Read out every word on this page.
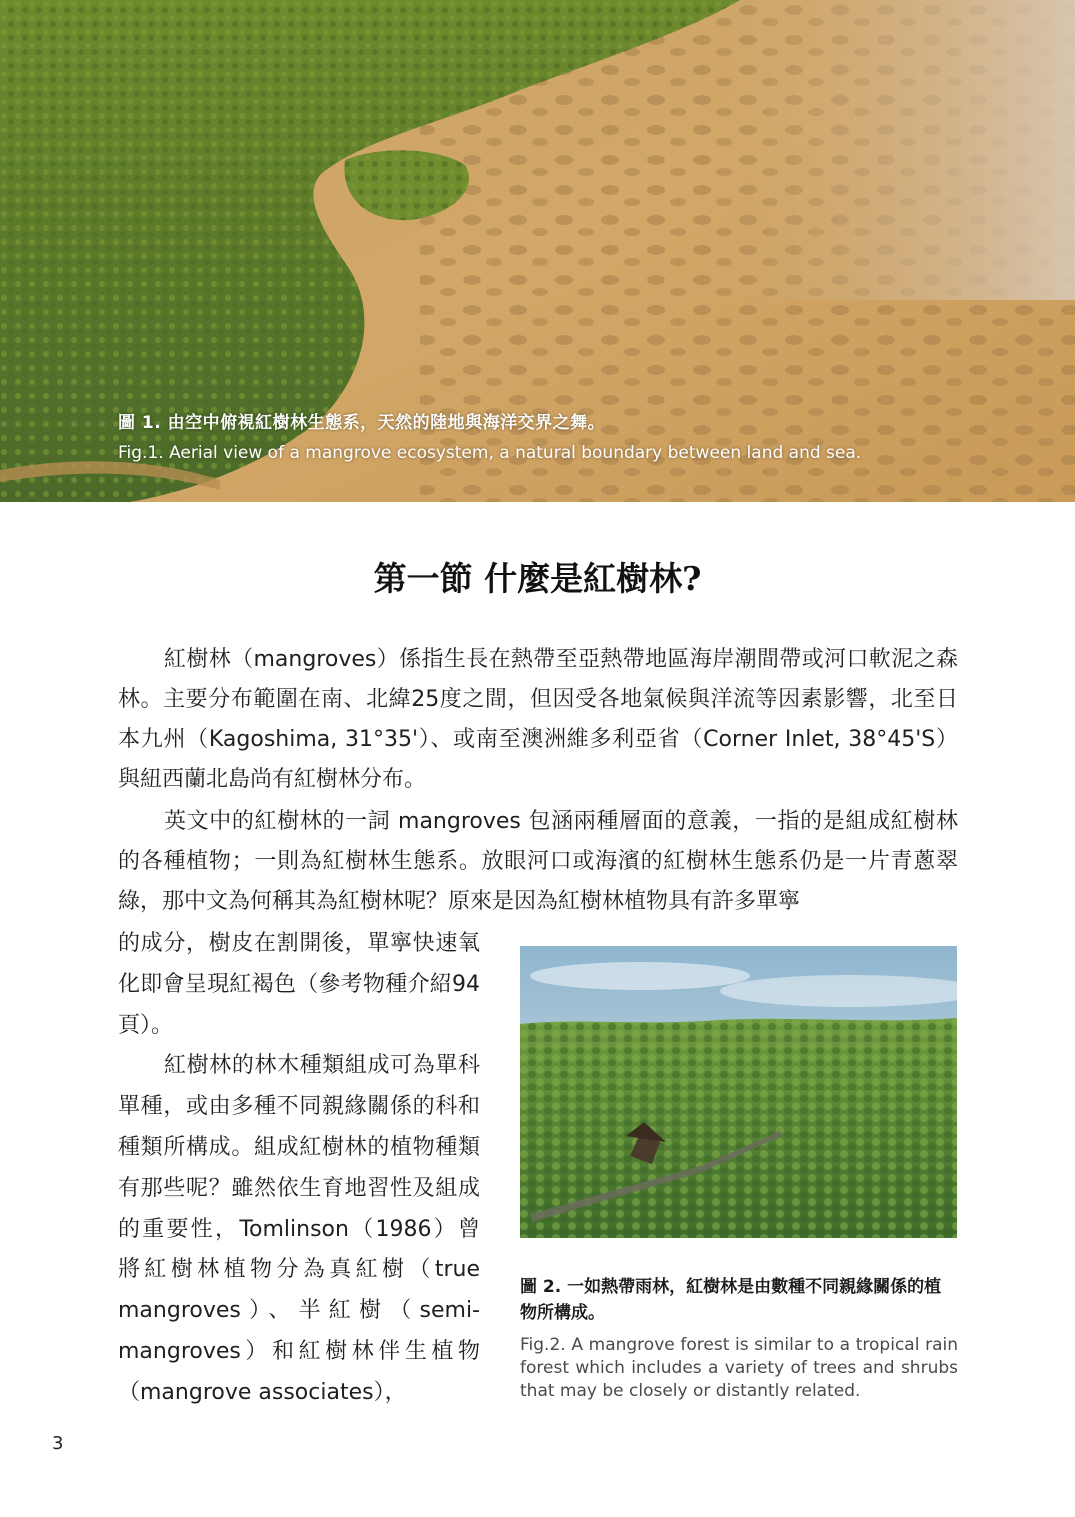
圖 1. 由空中俯視紅樹林生態系，天然的陸地與海洋交界之舞。
Fig.1. Aerial view of a mangrove ecosystem, a natural boundary between land and sea.
第一節 什麼是紅樹林?
紅樹林（mangroves）係指生長在熱帶至亞熱帶地區海岸潮間帶或河口軟泥之森林。主要分布範圍在南、北緯25度之間，但因受各地氣候與洋流等因素影響，北至日本九州（Kagoshima, 31°35'）、或南至澳洲維多利亞省（Corner Inlet, 38°45'S）與紐西蘭北島尚有紅樹林分布。
英文中的紅樹林的一詞 mangroves 包涵兩種層面的意義，一指的是組成紅樹林的各種植物；一則為紅樹林生態系。放眼河口或海濱的紅樹林生態系仍是一片青蔥翠綠，那中文為何稱其為紅樹林呢？原來是因為紅樹林植物具有許多單寧

的成分，樹皮在割開後，單寧快速氧化即會呈現紅褐色（參考物種介紹94頁）。

紅樹林的林木種類組成可為單科單種，或由多種不同親緣關係的科和種類所構成。組成紅樹林的植物種類有那些呢？雖然依生育地習性及組成的重要性，Tomlinson（1986）曾將紅樹林植物分為真紅樹（true mangroves）、半紅樹（semi-mangroves）和紅樹林伴生植物（mangrove associates），

圖 2. 一如熱帶雨林，紅樹林是由數種不同親緣關係的植物所構成。
Fig.2. A mangrove forest is similar to a tropical rain forest which includes a variety of trees and shrubs that may be closely or distantly related.
3
